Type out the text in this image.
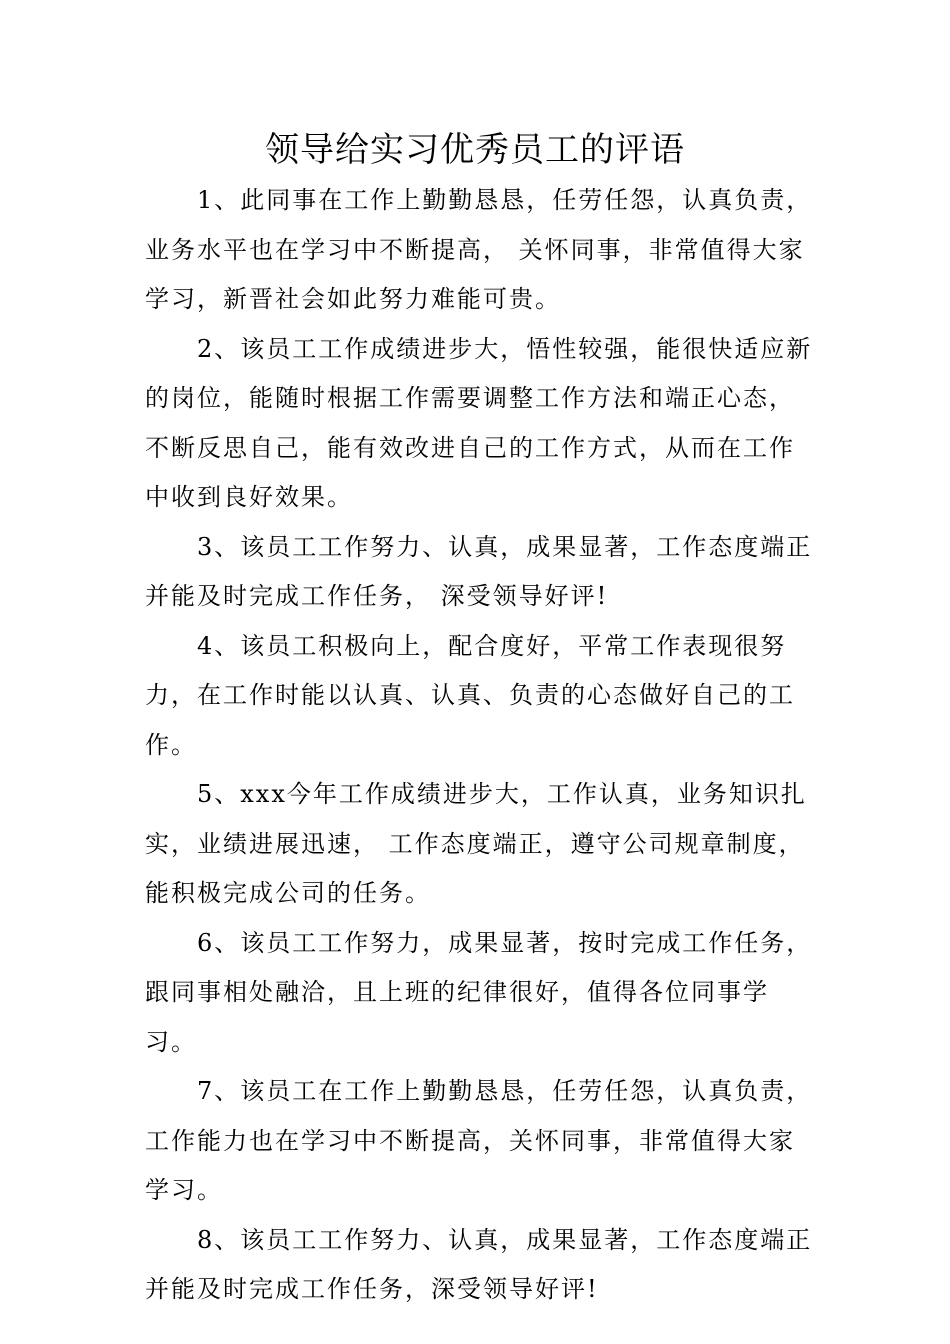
领导给实习优秀员工的评语

1、此同事在工作上勤勤恳恳，任劳任怨，认真负责，业务水平也在学习中不断提高， 关怀同事，非常值得大家学习，新晋社会如此努力难能可贵。

2、该员工工作成绩进步大，悟性较强，能很快适应新的岗位，能随时根据工作需要调整工作方法和端正心态，不断反思自己，能有效改进自己的工作方式，从而在工作中收到良好效果。

3、该员工工作努力、认真，成果显著，工作态度端正并能及时完成工作任务， 深受领导好评!

4、该员工积极向上，配合度好，平常工作表现很努力，在工作时能以认真、认真、负责的心态做好自己的工作。

5、xxx今年工作成绩进步大，工作认真，业务知识扎实，业绩进展迅速， 工作态度端正，遵守公司规章制度，能积极完成公司的任务。

6、该员工工作努力，成果显著，按时完成工作任务，跟同事相处融洽，且上班的纪律很好，值得各位同事学习。

7、该员工在工作上勤勤恳恳，任劳任怨，认真负责，工作能力也在学习中不断提高，关怀同事，非常值得大家学习。

8、该员工工作努力、认真，成果显著，工作态度端正并能及时完成工作任务，深受领导好评!
